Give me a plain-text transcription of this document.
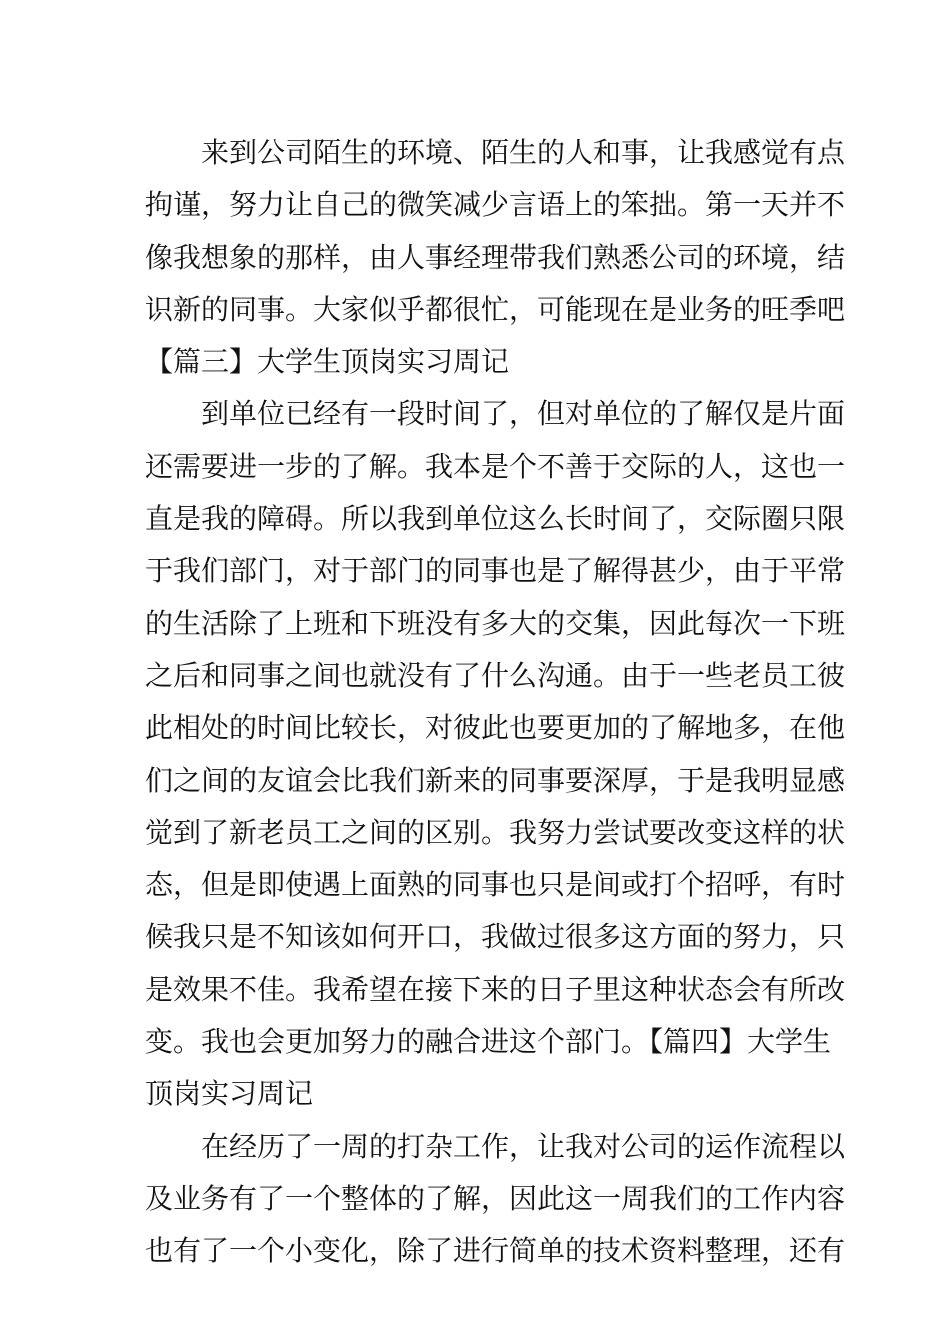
来到公司陌生的环境、陌生的人和事，让我感觉有点
拘谨，努力让自己的微笑减少言语上的笨拙。第一天并不
像我想象的那样，由人事经理带我们熟悉公司的环境，结
识新的同事。大家似乎都很忙，可能现在是业务的旺季吧
【篇三】大学生顶岗实习周记
到单位已经有一段时间了，但对单位的了解仅是片面
还需要进一步的了解。我本是个不善于交际的人，这也一
直是我的障碍。所以我到单位这么长时间了，交际圈只限
于我们部门，对于部门的同事也是了解得甚少，由于平常
的生活除了上班和下班没有多大的交集，因此每次一下班
之后和同事之间也就没有了什么沟通。由于一些老员工彼
此相处的时间比较长，对彼此也要更加的了解地多，在他
们之间的友谊会比我们新来的同事要深厚，于是我明显感
觉到了新老员工之间的区别。我努力尝试要改变这样的状
态，但是即使遇上面熟的同事也只是间或打个招呼，有时
候我只是不知该如何开口，我做过很多这方面的努力，只
是效果不佳。我希望在接下来的日子里这种状态会有所改
变。我也会更加努力的融合进这个部门。【篇四】大学生
顶岗实习周记
在经历了一周的打杂工作，让我对公司的运作流程以
及业务有了一个整体的了解，因此这一周我们的工作内容
也有了一个小变化，除了进行简单的技术资料整理，还有
